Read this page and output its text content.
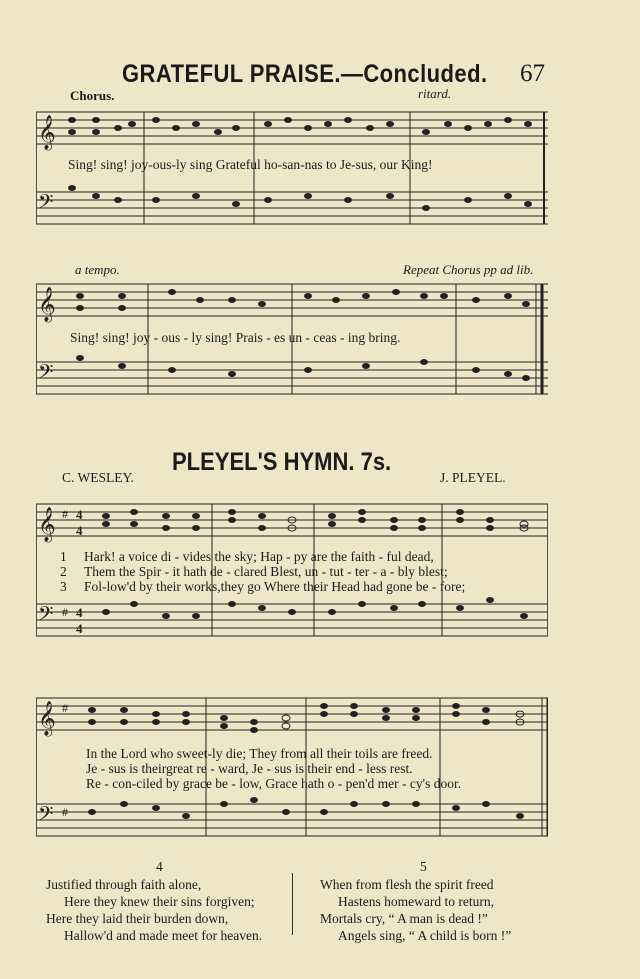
GRATEFUL PRAISE.—Concluded. 67
Chorus.	ritard.
𝄞
𝄢
Sing! sing! joy-ous-ly sing Grateful ho-san-nas to Je-sus, our King!
a tempo.	Repeat Chorus pp ad lib.
𝄞
𝄢
Sing! sing! joy - ous - ly sing! Prais - es un - ceas - ing bring.
PLEYEL'S HYMN. 7s.
C. WESLEY.	J. PLEYEL.
𝄞 # 4
4
𝄢 # 4
4
1 Hark! a voice di - vides the sky; Hap - py are the faith - ful dead,
2 Them the Spir - it hath de - clared Blest, un - tut - ter - a - bly blest;
3 Fol-low'd by their works,they go Where their Head had gone be - fore;
𝄞 #
𝄢 #
In the Lord who sweet-ly die; They from all their toils are freed.
Je - sus is theirgreat re - ward, Je - sus is their end - less rest.
Re - con-ciled by grace be - low, Grace hath o - pen'd mer - cy's door.
4
Justified through faith alone,
Here they knew their sins forgiven;
Here they laid their burden down,
Hallow'd and made meet for heaven.
5
When from flesh the spirit freed
Hastens homeward to return,
Mortals cry, “ A man is dead !”
Angels sing, “ A child is born !”
